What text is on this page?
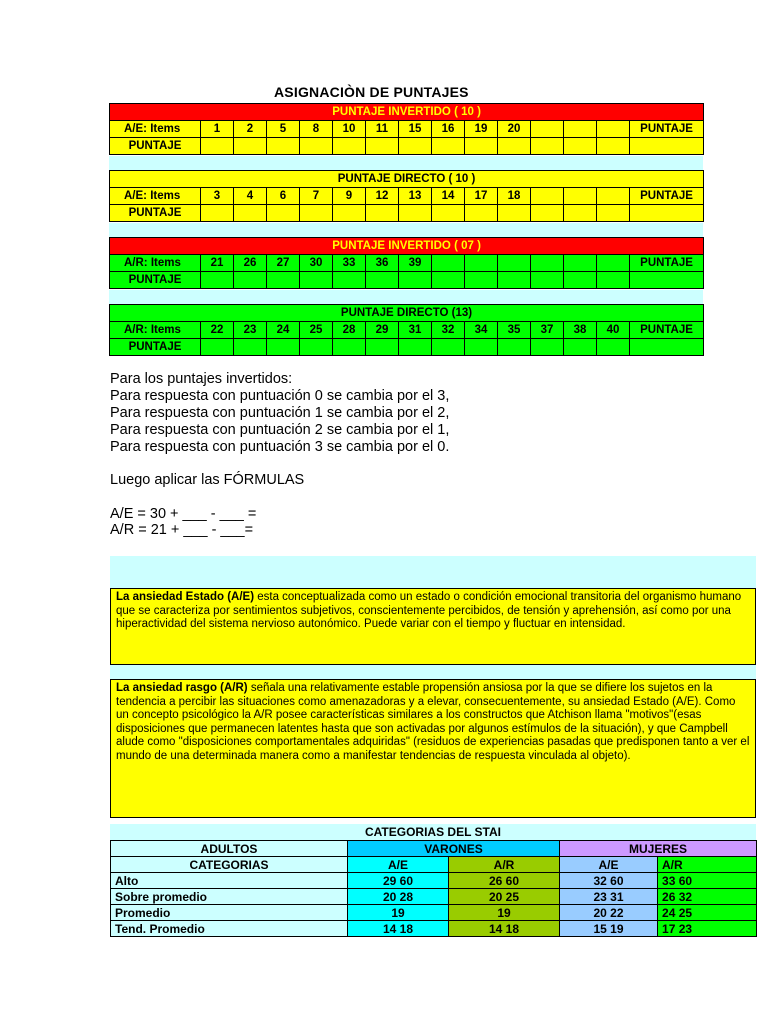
ASIGNACIÒN DE PUNTAJES
PUNTAJE INVERTIDO ( 10 )														
A/E: Items	1	2	5	8	10	11	15	16	19	20				PUNTAJE
PUNTAJE														
PUNTAJE DIRECTO ( 10 )														
A/E: Items	3	4	6	7	9	12	13	14	17	18				PUNTAJE
PUNTAJE														
PUNTAJE INVERTIDO ( 07 )														
A/R: Items	21	26	27	30	33	36	39							PUNTAJE
PUNTAJE														
PUNTAJE DIRECTO (13)														
A/R: Items	22	23	24	25	28	29	31	32	34	35	37	38	40	PUNTAJE
PUNTAJE														
Para los puntajes invertidos:
Para respuesta con puntuación 0 se cambia por el 3,
Para respuesta con puntuación 1 se cambia por el 2,
Para respuesta con puntuación 2 se cambia por el 1,
Para respuesta con puntuación 3 se cambia por el 0.
Luego aplicar las FÓRMULAS
A/E = 30 + ___ - ___ =
A/R = 21 + ___ - ___=
La ansiedad Estado (A/E) esta conceptualizada como un estado o condición emocional transitoria del organismo humano que se caracteriza por sentimientos subjetivos, conscientemente percibidos, de tensión y aprehensión, así como por una hiperactividad del sistema nervioso autonómico. Puede variar con el tiempo y fluctuar en intensidad.
La ansiedad rasgo (A/R) señala una relativamente estable propensión ansiosa por la que se difiere los sujetos en la tendencia a percibir las situaciones como amenazadoras y a elevar, consecuentemente, su ansiedad Estado (A/E). Como un concepto psicológico la A/R posee características similares a los constructos que Atchison llama "motivos"(esas disposiciones que permanecen latentes hasta que son activadas por algunos estímulos de la situación), y que Campbell alude como "disposiciones comportamentales adquiridas" (residuos de experiencias pasadas que predisponen tanto a ver el mundo de una determinada manera como a manifestar tendencias de respuesta vinculada al objeto).
CATEGORIAS DEL STAI
ADULTOS	VARONES		MUJERES	
CATEGORIAS	A/E	A/R	A/E	A/R
Alto	29 60	26 60	32 60	33 60
Sobre promedio	20 28	20 25	23 31	26 32
Promedio	19	19	20 22	24 25
Tend. Promedio	14 18	14 18	15 19	17 23
